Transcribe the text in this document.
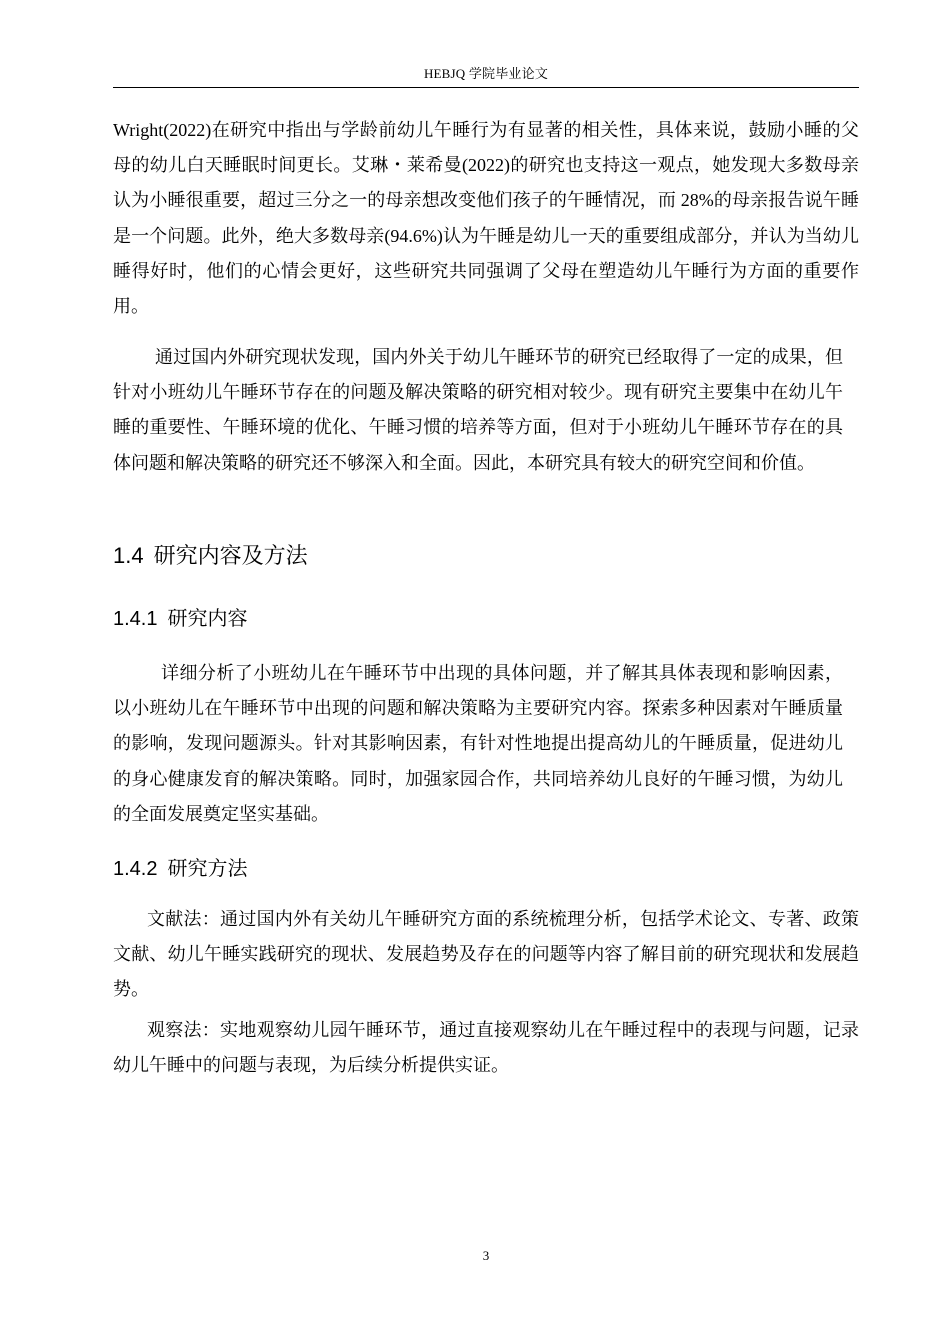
HEBJQ 学院毕业论文

Wright(2022)在研究中指出与学龄前幼儿午睡行为有显著的相关性，具体来说，鼓励小睡的父母的幼儿白天睡眠时间更长。艾琳・莱希曼(2022)的研究也支持这一观点，她发现大多数母亲认为小睡很重要，超过三分之一的母亲想改变他们孩子的午睡情况，而 28%的母亲报告说午睡是一个问题。此外，绝大多数母亲(94.6%)认为午睡是幼儿一天的重要组成部分，并认为当幼儿睡得好时，他们的心情会更好，这些研究共同强调了父母在塑造幼儿午睡行为方面的重要作用。

通过国内外研究现状发现，国内外关于幼儿午睡环节的研究已经取得了一定的成果，但针对小班幼儿午睡环节存在的问题及解决策略的研究相对较少。现有研究主要集中在幼儿午睡的重要性、午睡环境的优化、午睡习惯的培养等方面，但对于小班幼儿午睡环节存在的具体问题和解决策略的研究还不够深入和全面。因此，本研究具有较大的研究空间和价值。

1.4 研究内容及方法
1.4.1 研究内容

详细分析了小班幼儿在午睡环节中出现的具体问题，并了解其具体表现和影响因素，以小班幼儿在午睡环节中出现的问题和解决策略为主要研究内容。探索多种因素对午睡质量的影响，发现问题源头。针对其影响因素，有针对性地提出提高幼儿的午睡质量，促进幼儿的身心健康发育的解决策略。同时，加强家园合作，共同培养幼儿良好的午睡习惯，为幼儿的全面发展奠定坚实基础。

1.4.2 研究方法

文献法：通过国内外有关幼儿午睡研究方面的系统梳理分析，包括学术论文、专著、政策文献、幼儿午睡实践研究的现状、发展趋势及存在的问题等内容了解目前的研究现状和发展趋势。

观察法：实地观察幼儿园午睡环节，通过直接观察幼儿在午睡过程中的表现与问题，记录幼儿午睡中的问题与表现，为后续分析提供实证。

3
